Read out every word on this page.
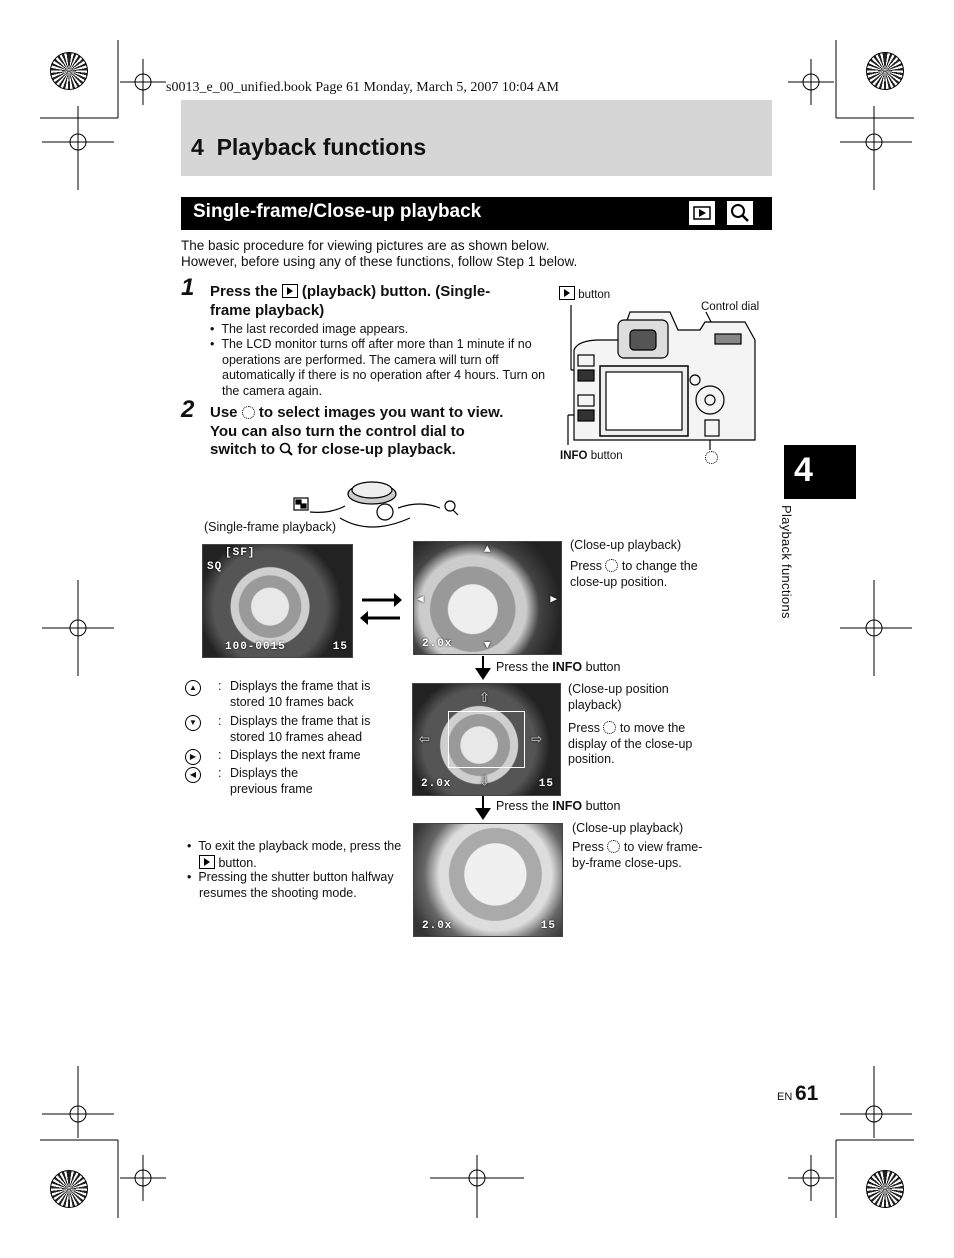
s0013_e_00_unified.book Page 61 Monday, March 5, 2007 10:04 AM
4  Playback functions
Single-frame/Close-up playback
The basic procedure for viewing pictures are as shown below.
However, before using any of these functions, follow Step 1 below.
1 Press the (playback) button. (Single-
frame playback)
•  The last recorded image appears.
•  The LCD monitor turns off after more than 1 minute if no operations are performed. The camera will turn off automatically if there is no operation after 4 hours. Turn on the camera again.
2 Use to select images you want to view.
You can also turn the control dial to
switch to for close-up playback.
button
Control dial
INFO button
(Single-frame playback)
[SF]
SQ
100-0015	15	2.0x
▲
▼
◀	▶
(Close-up playback)
Press to change the close-up position.
Press the INFO button
▲	: Displays the frame that is stored 10 frames back
▼	: Displays the frame that is stored 10 frames ahead
▶	: Displays the next frame
◀	: Displays the previous frame	2.0x	15
⇧
⇩
⇦	⇨
(Close-up position
playback)
Press to move the display of the close-up position.
Press the INFO button
•  To exit the playback mode, press the  button.
•  Pressing the shutter button halfway resumes the shooting mode.
2.0x	15
(Close-up playback)
Press to view frame-by-frame close-ups.
4
Playback functions
EN 61
